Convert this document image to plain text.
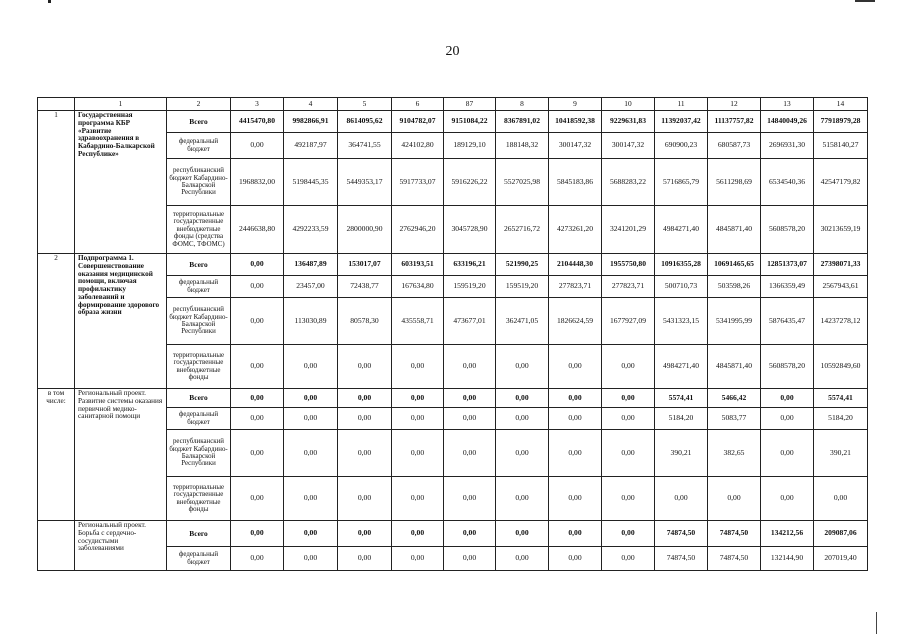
20
	1	2	3	4	5	6	87	8	9	10	11	12	13	14
1	Государственная программа КБР «Развитие здравоохранения в Кабардино-Балкарской Республике»	Всего	4415470,80	9982866,91	8614095,62	9104782,07	9151084,22	8367891,02	10418592,38	9229631,83	11392037,42	11137757,82	14840049,26	77918979,28
		федеральный бюджет	0,00	492187,97	364741,55	424102,80	189129,10	188148,32	300147,32	300147,32	690900,23	680587,73	2696931,30	5158140,27
		республиканский бюджет Кабардино-Балкарской Республики	1968832,00	5198445,35	5449353,17	5917733,07	5916226,22	5527025,98	5845183,86	5688283,22	5716865,79	5611298,69	6534540,36	42547179,82
		территориальные государственные внебюджетные фонды (средства ФОМС, ТФОМС)	2446638,80	4292233,59	2800000,90	2762946,20	3045728,90	2652716,72	4273261,20	3241201,29	4984271,40	4845871,40	5608578,20	30213659,19
2	Подпрограмма 1. Совершенствование оказания медицинской помощи, включая профилактику заболеваний и формирование здорового образа жизни	Всего	0,00	136487,89	153017,07	603193,51	633196,21	521990,25	2104448,30	1955750,80	10916355,28	10691465,65	12851373,07	27398071,33
		федеральный бюджет	0,00	23457,00	72438,77	167634,80	159519,20	159519,20	277823,71	277823,71	500710,73	503598,26	1366359,49	2567943,61
		республиканский бюджет Кабардино-Балкарской Республики	0,00	113030,89	80578,30	435558,71	473677,01	362471,05	1826624,59	1677927,09	5431323,15	5341995,99	5876435,47	14237278,12
		территориальные государственные внебюджетные фонды	0,00	0,00	0,00	0,00	0,00	0,00	0,00	0,00	4984271,40	4845871,40	5608578,20	10592849,60
в том числе:	Региональный проект. Развитие системы оказания первичной медико-санитарной помощи	Всего	0,00	0,00	0,00	0,00	0,00	0,00	0,00	0,00	5574,41	5466,42	0,00	5574,41
		федеральный бюджет	0,00	0,00	0,00	0,00	0,00	0,00	0,00	0,00	5184,20	5083,77	0,00	5184,20
		республиканский бюджет Кабардино-Балкарской Республики	0,00	0,00	0,00	0,00	0,00	0,00	0,00	0,00	390,21	382,65	0,00	390,21
		территориальные государственные внебюджетные фонды	0,00	0,00	0,00	0,00	0,00	0,00	0,00	0,00	0,00	0,00	0,00	0,00
	Региональный проект. Борьба с сердечно-сосудистыми заболеваниями	Всего	0,00	0,00	0,00	0,00	0,00	0,00	0,00	0,00	74874,50	74874,50	134212,56	209087,06
		федеральный бюджет	0,00	0,00	0,00	0,00	0,00	0,00	0,00	0,00	74874,50	74874,50	132144,90	207019,40
